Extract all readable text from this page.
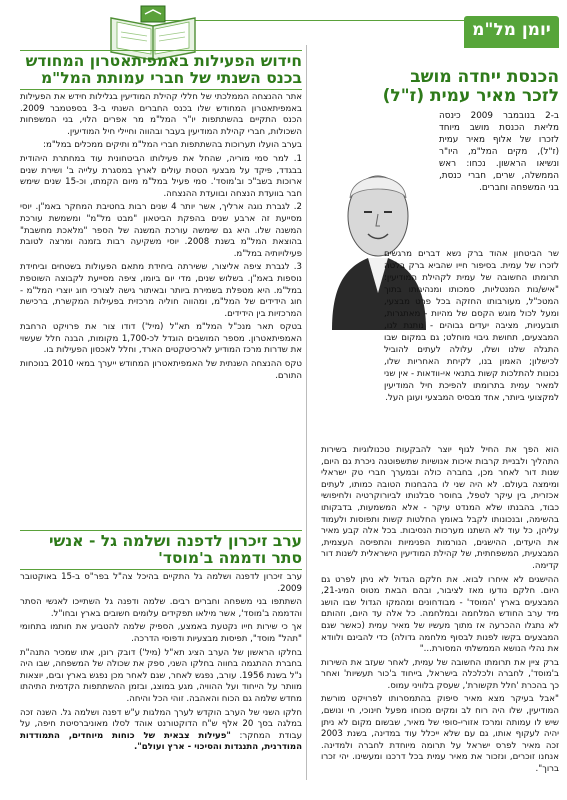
יומן מל"מ
הכנסת ייחדה מושב
לזכר מאיר עמית (ז"ל)

ב-2 בנובמבר 2009 כינסה מליאת הכנסת מושב מיוחד לזכרו של אלוף מאיר עמית (ז"ל), מקים המל"מ, היו"ר ונשיאו הראשון. נכחו: ראש הממשלה, שרים, חברי כנסת, בני המשפחה וחברים.

שר הביטחון אהוד ברק נשא דברים מרגשים לזכרו של עמית. בסיפור חייו שהביא ברק בלטה תרומתו החשובה של עמית לקהילת המודיעין: "איש/נות המנטליות, סמכותו ומנהיגותו בתוך המטכ"ל, מעורבותו החזקה בכל פרט מבצעי, ומעל לכול מוגש הקסם של מהיות - מאתגרות, תובעניות, מציבה יעדים גבוהים - נותנת לנו, המבצעים, תחושת גיבוי מוחלט; גם במקום שבו התגלה שלנו ושלו, עלולה לעתים להוביל לכישלון; האמון בנו, לקיחת האחריות שלו, נכונות להתלכות קשות בתנאי אי-וודאות - אין שני למאיר עמית בתרומתו להפיכת חיל המודיעין למקצועי ביותר, אחד מבסיס המבצעי ועוגן העל.

הוא הפך את החיל לגוף יוצר להבקעות טכנולוגיות בשירות התהליך ולבניית קרבות איכות אנושיות שתשפוטנה ניכרת גם היום, שנות דור לאחר מכן, בחברה כולה ובמערך חברי טק ישראלי ומימצה בעולם. לא היה שני לו בהבחנות הטובה כמותו, לעתים אכזרית, בין עיקר לטפל, בחוסר סבלנותו לביורוקרטיה ולחיפושי כבוד, בהבנתו שלא המנדט עיקר - אלא המשמעות, בדבקותו בהשימה, ובנכונותו לקבל באומץ החלטות קשות ותפוסות ולעמוד עליהן, כל עוד לא השתנו מערכות הנסיבות. בכל אלה קבע מאיר את היעדים, ההישגים, הנורמות הפנימיות והתפיסה העצמית, המבצעית, המשפחתית, של קהילת המודיעין הישראלית לשנות דור קדימה.

ההישגים לא איחרו לבוא. את חלקם הגדול לא ניתן לפרט גם היום. חלקם נודעו מאז לציבור, ובהם הבאת מטוס המיג-21, המבצעים בארץ 'המוסד' - מבודחונים ומהמקו הגדול שבו הושג מיד ערב החודש המלחמה ובמלחמה. כל אלה עד היום, וזהותם לא נתגלו ההכרעה אז מתוך מעשיו של מאיר עמית (כאשר שגם המבצעים בקשו לפנות לבסוף מלחמה גדולה) כדי להבינם ולוודא את נהלי הנושא הממשלתי המסורת..."

ברק ציין את תרומתו החשובה של עמית, לאחר שעזב את השירות ב'מוסד', לחברה ולכלכלה בישראל, בייחוד ב'כור תעשיות' ואחר כך בהכרת 'חלל תקשורת', שעסק בלוויני עמוס.

"אבל בעיקר מצא מאיר סיפוק בהתמסרותו לפרויקט מורשת המודיעין, שלו היה רוח לב ומקים מכוחו מפעל חינוכי, חי ונושם, שיש לו עמותה ומרכז אזורי-סופי של מאיר, שבשום מקום לא ניתן יהיה לעקוף אותו, גם עם שלא ייכלל עוד במדינה, בשנת 2003 זכה מאיר לפרס ישראל על תרומה מיוחדת לחברה ולמדינה. אנחנו זוכרים, ונזכור את מאיר עמית בכל דרכנו ומעשינו. יהי זכרו ברוך".

חידוש הפעילות באמפיתאטרון המחודש
בכנס השנתי של חברי עמותת המל"מ

אתר ההנצחה הממלכתי של חללי קהילת המודיעין בגלילות חידש את הפעילות באמפיתאטרון המחודש שלו בכנס החברים השנתי ב-3 בספטמבר 2009. הכנס התקיים בהשתתפות יו"ר המל"מ מר אפרים הלוי, בני המשפחות השכולות, חברי קהילת המודיעין בעבר ובהווה וחיילי חיל המודיעין.

בערב הועלו תערוכות בהשתתפות חברי המל"מ ותיקים ממכלים במל"מ:

1. למר סמי מוריה, שהחל את פעילותו הביטחונית עוד במחתרת היהודית בבגדד, פיקד על מבצעי הטסת עולים לארץ במסגרת עלייה ב' ושירת שנים ארוכות בשב"כ וב'מוסד'. סמי פעיל במל"מ מיום הקמתו, וכ-15 שנים שימש חבר בוועדת הנצחה ובוועדת ההנצחה.

2. לגברת נוגה ארליך, אשר יותר 4 שנים רבות בחטיבת המחקר באמ"ן. יוסי מסייעת זה ארבע שנים בהפקת הביטאון "מבט מל"מ" ומשמשת עורכת המשנה שלו. היא גם שימשה עורכת המשנה של הספר "מלאכת מחשבת" בהוצאת המל"מ בשנת 2008. יוסי משקיעה רבות בזמנה ומרצה לטובת פעילויותיה במל"מ.

3. לגברת ציפה אליצור, ששירתה ביחידת מתאם הפעולות בשטחים וביחידת נוספות באמ"ן. בשלוש שנים, מדי יום ביומו, ציפה מסייעת לקבוצה השוטפת במל"מ. היא מטפלת בשמירת ביותר ובאיתור גישה לצורכי חוג יוצרי המל"מ - חוג הידידים של המל"מ, ומהווה חוליה מרכזית בפעילות המקשרת, ברכישת המרכזיות בין הידידים.

בטקס תאר מנכ"ל המל"מ תא"ל (מיל') דודו צור את פרויקט הרחבת האמפיתאטרון. מספר המושבים הוגדל לכ-1,700 מקומות, הבנה חלל שעשוי את שדרות מרכז המודיע לארכיטקטים הארד, וחלל לאכסון הפעילות בו.

טקס ההנצחה השנתית של האמפיתאטרון המחודש ייערך במאי 2010 בנוכחות התורם.

ערב זיכרון לדפנה ושלמה גל - אנשי
סתר ודממה ב'מוסד'

ערב זיכרון לדפנה ושלמה גל התקיים בהיכל צה"ל בפר"ס ב-15 באוקטובר 2009.

השתתפו בני משפחה וחברים רבים. שלמה ודפנה גל השתייכו לאנשי הסתר והדממה ב'מוסד', אשר מילאו תפקידים עלומים חשובים בארץ ובחו"ל.

אך כי שירות חייו נקטעת באמצע, הספיק שלמה להטביע את חותמו בתחומי "תהל" מוסד", תפיסות מבצעיות ודפוסי הדרכה.

בחלקו הראשון של הערב הציג תא"ל (מיל') דובק רונן, אתו שמכיר התנה"ת בחברת ההתגמה בחווה בחלקו השני, ספק את שכולה של המשפחה, שבו היה נ"ל בשנת 1956. עורב, נפגש לאחר, שגם לאחר מכן נפגש בארץ ובים, יוצאות מוותר על הייחוד ועל ההוויה, מגע במוצג, ובזמן ההשתתפות הקדמית התיהתו מחדש שלמה גם הכוח והאהבה. זוהי הכל והיחה.

חלקו השני של הערב הוקדש לערך המלגות ע"ש דפנה ושלמה גל. השנה זכה במלגה בסך 20 אלף ש"ח הדוקטורנט אוהד לסלו מאוניברסיטת חיפה, על עבודת המחקר: "פעילות צבאית של כוחות מיוחדים, התמודדות המודרנית, התנגדות והסיכוי - ארץ ועולם".
